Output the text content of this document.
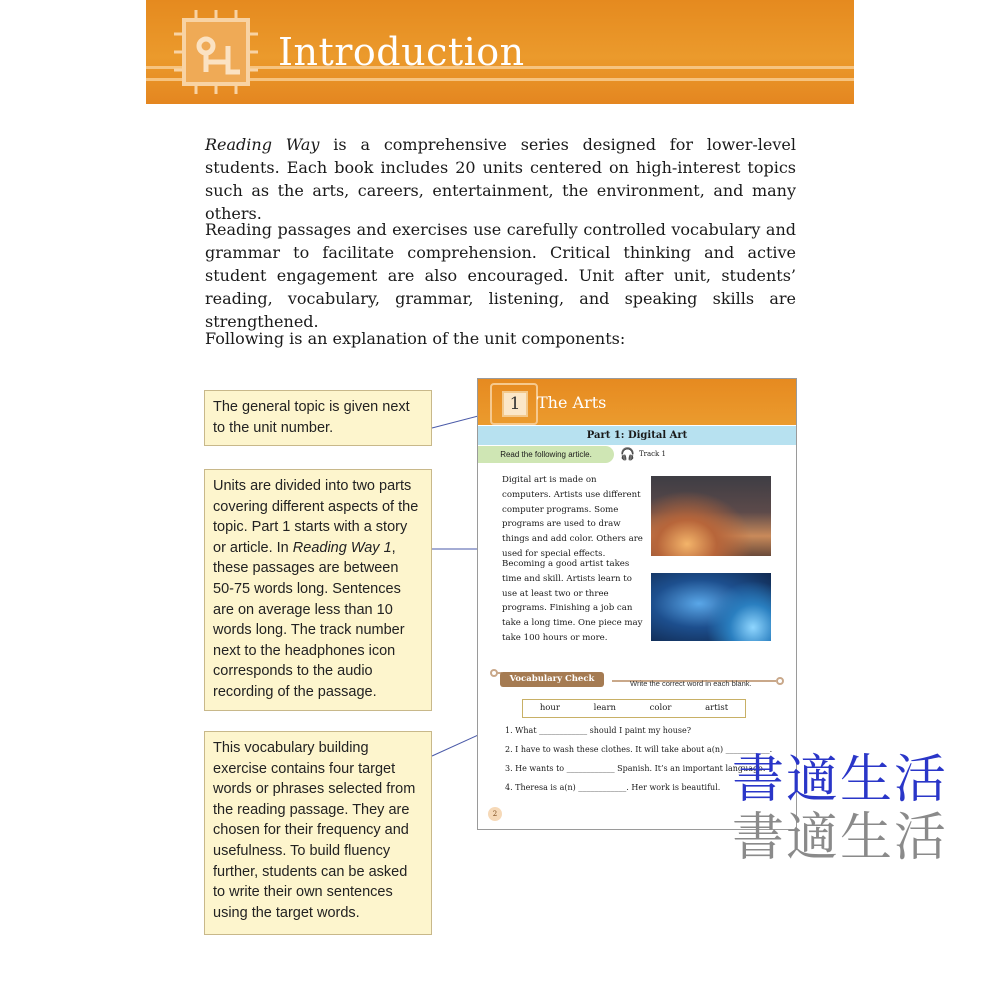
Introduction

Reading Way is a comprehensive series designed for lower-level students. Each book includes 20 units centered on high-interest topics such as the arts, careers, entertainment, the environment, and many others.

Reading passages and exercises use carefully controlled vocabulary and grammar to facilitate comprehension. Critical thinking and active student engagement are also encouraged. Unit after unit, students’ reading, vocabulary, grammar, listening, and speaking skills are strengthened.

Following is an explanation of the unit components:

The general topic is given next to the unit number.
Units are divided into two parts covering different aspects of the topic. Part 1 starts with a story or article. In Reading Way 1, these passages are between 50-75 words long. Sentences are on average less than 10 words long. The track number next to the headphones icon corresponds to the audio recording of the passage.
This vocabulary building exercise contains four target words or phrases selected from the reading passage. They are chosen for their frequency and usefulness. To build fluency further, students can be asked to write their own sentences using the target words.
1	The Arts
Part 1: Digital Art
Read the following article.	🎧 Track 1

Digital art is made on computers. Artists use different computer programs. Some programs are used to draw things and add color. Others are used for special effects.

Becoming a good artist takes time and skill. Artists learn to use at least two or three programs. Finishing a job can take a long time. One piece may take 100 hours or more.

Vocabulary Check	Write the correct word in each blank.
hour	learn	color	artist
1. What ____________ should I paint my house?
2. I have to wash these clothes. It will take about a(n) ___________.
3. He wants to ____________ Spanish. It’s an important language.
4. Theresa is a(n) ____________. Her work is beautiful.
2
書適生活
書適生活
